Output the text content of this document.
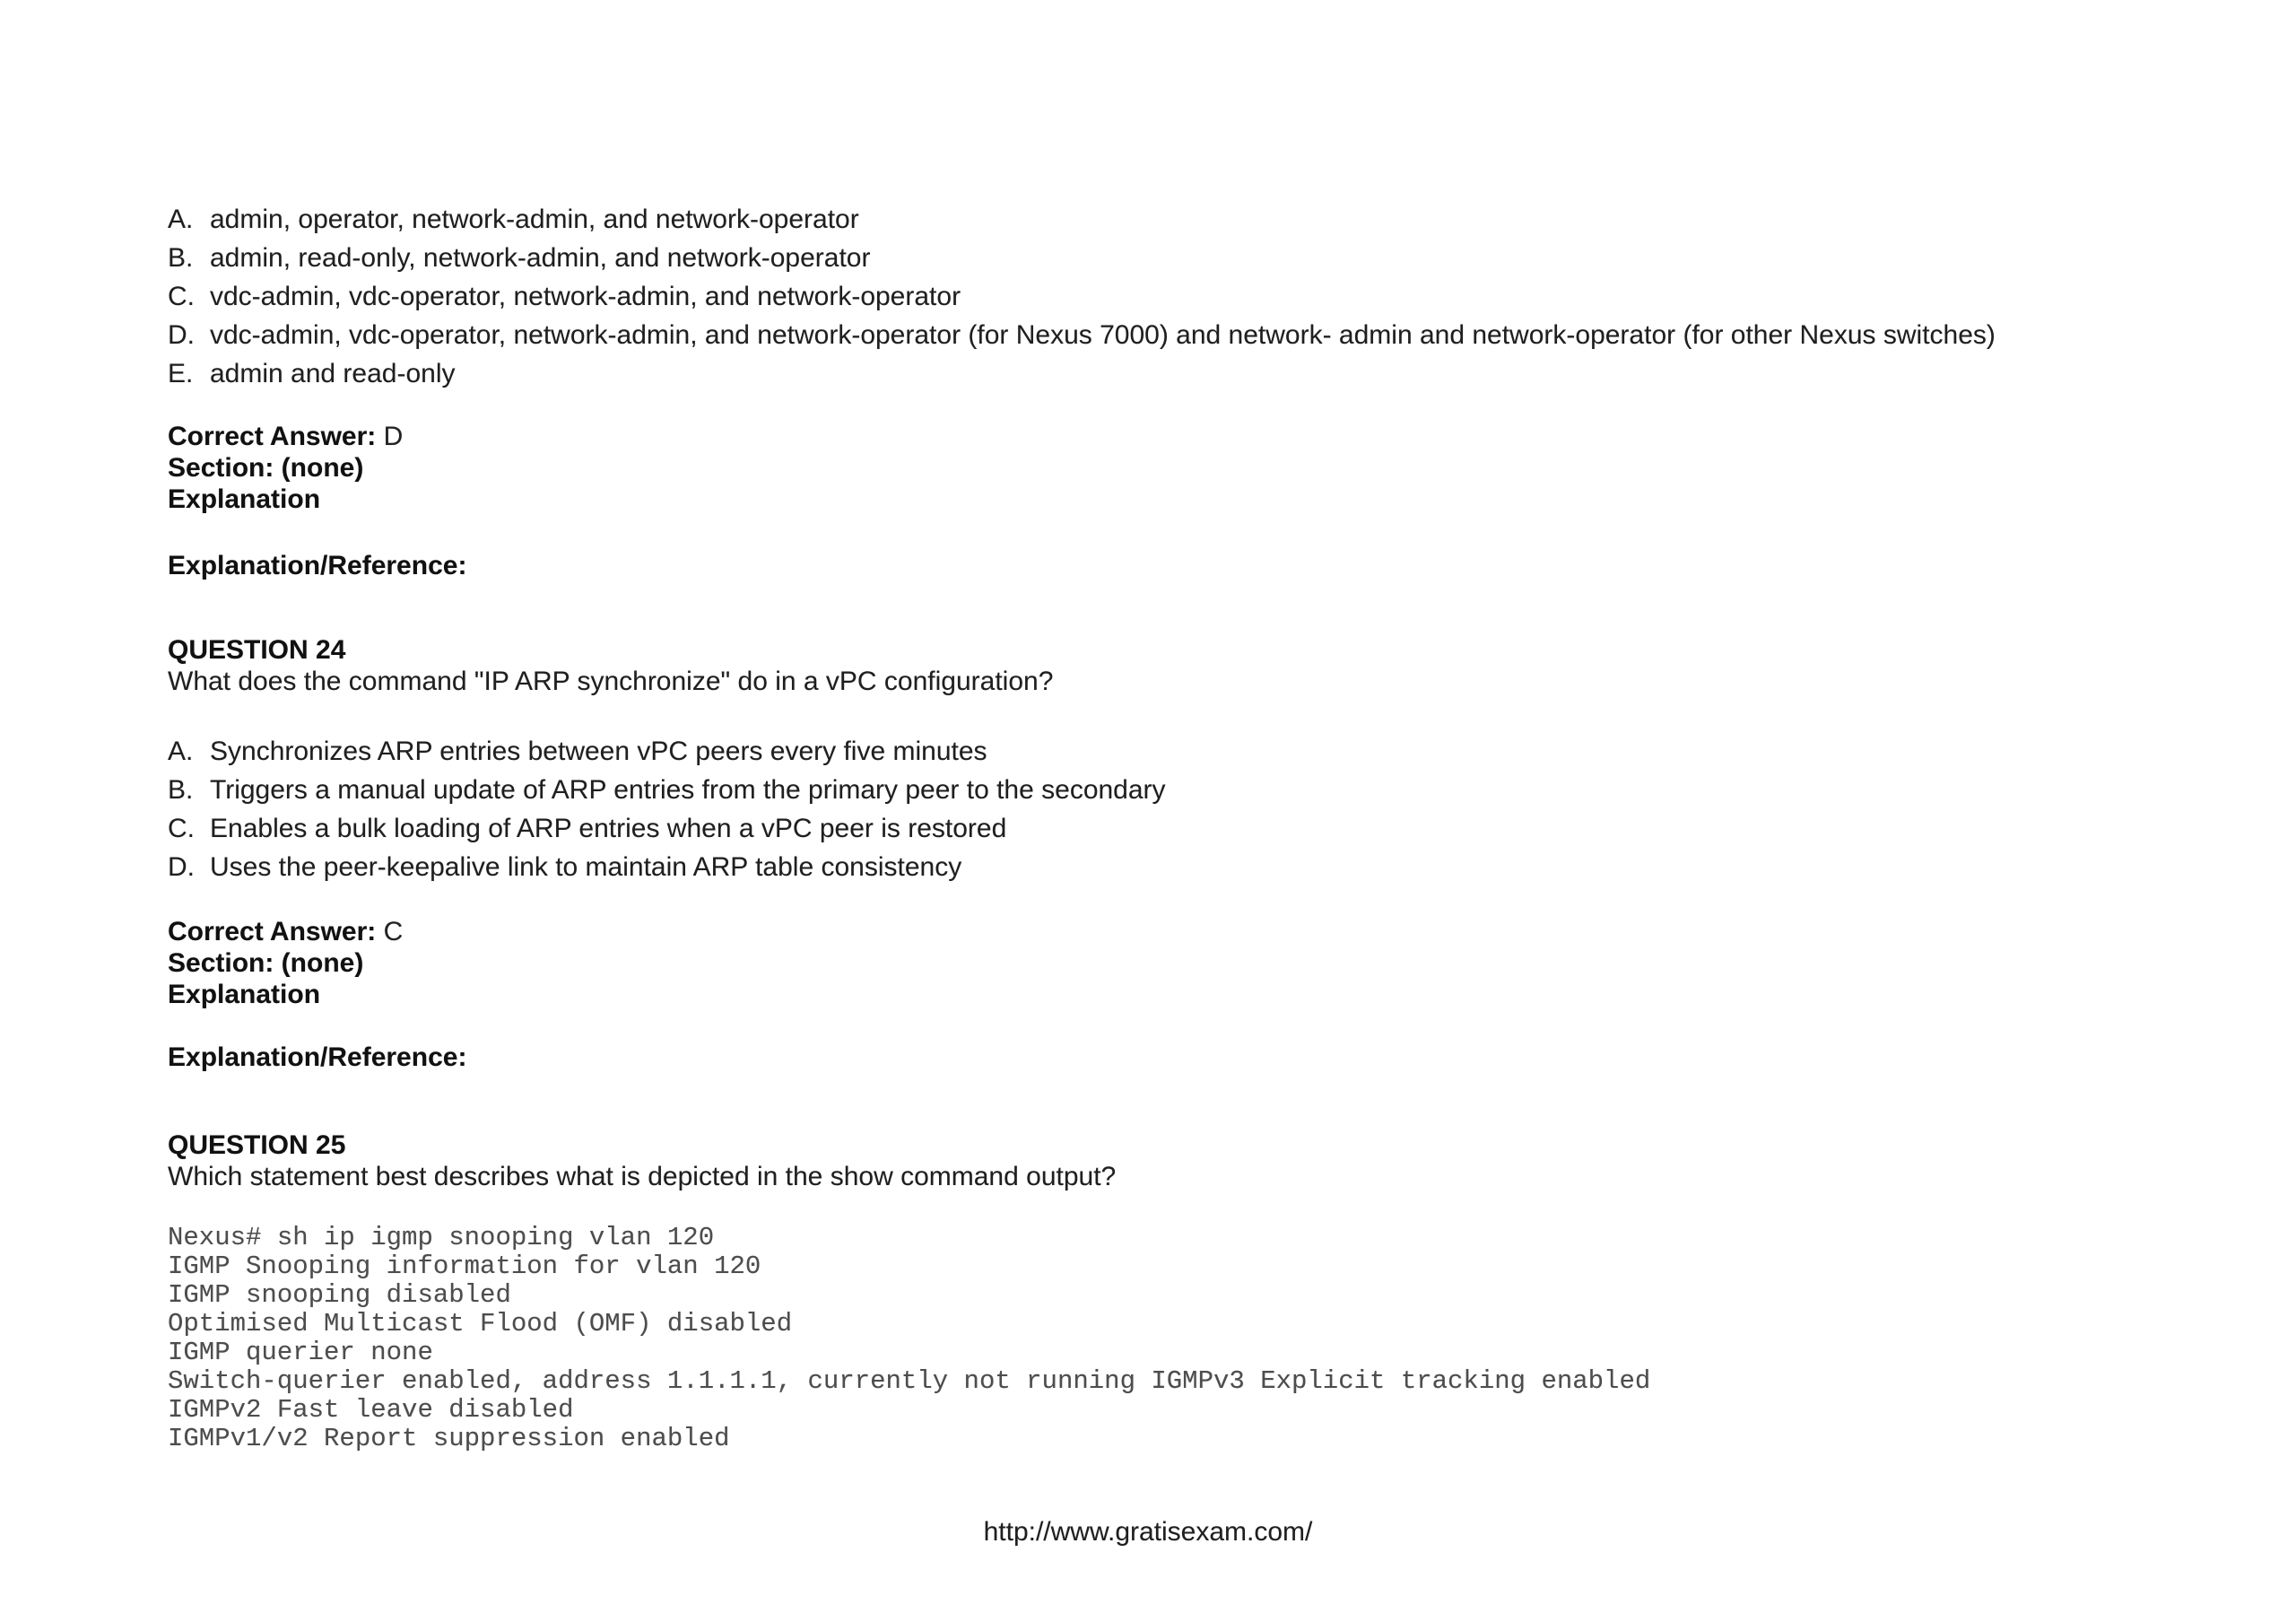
A. admin, operator, network-admin, and network-operator
B. admin, read-only, network-admin, and network-operator
C. vdc-admin, vdc-operator, network-admin, and network-operator
D. vdc-admin, vdc-operator, network-admin, and network-operator (for Nexus 7000) and network- admin and network-operator (for other Nexus switches)
E. admin and read-only
Correct Answer: D
Section: (none)
Explanation
Explanation/Reference:
QUESTION 24
What does the command "IP ARP synchronize" do in a vPC configuration?
A. Synchronizes ARP entries between vPC peers every five minutes
B. Triggers a manual update of ARP entries from the primary peer to the secondary
C. Enables a bulk loading of ARP entries when a vPC peer is restored
D. Uses the peer-keepalive link to maintain ARP table consistency
Correct Answer: C
Section: (none)
Explanation
Explanation/Reference:
QUESTION 25
Which statement best describes what is depicted in the show command output?
Nexus# sh ip igmp snooping vlan 120
IGMP Snooping information for vlan 120
IGMP snooping disabled
Optimised Multicast Flood (OMF) disabled
IGMP querier none
Switch-querier enabled, address 1.1.1.1, currently not running IGMPv3 Explicit tracking enabled
IGMPv2 Fast leave disabled
IGMPv1/v2 Report suppression enabled
http://www.gratisexam.com/
